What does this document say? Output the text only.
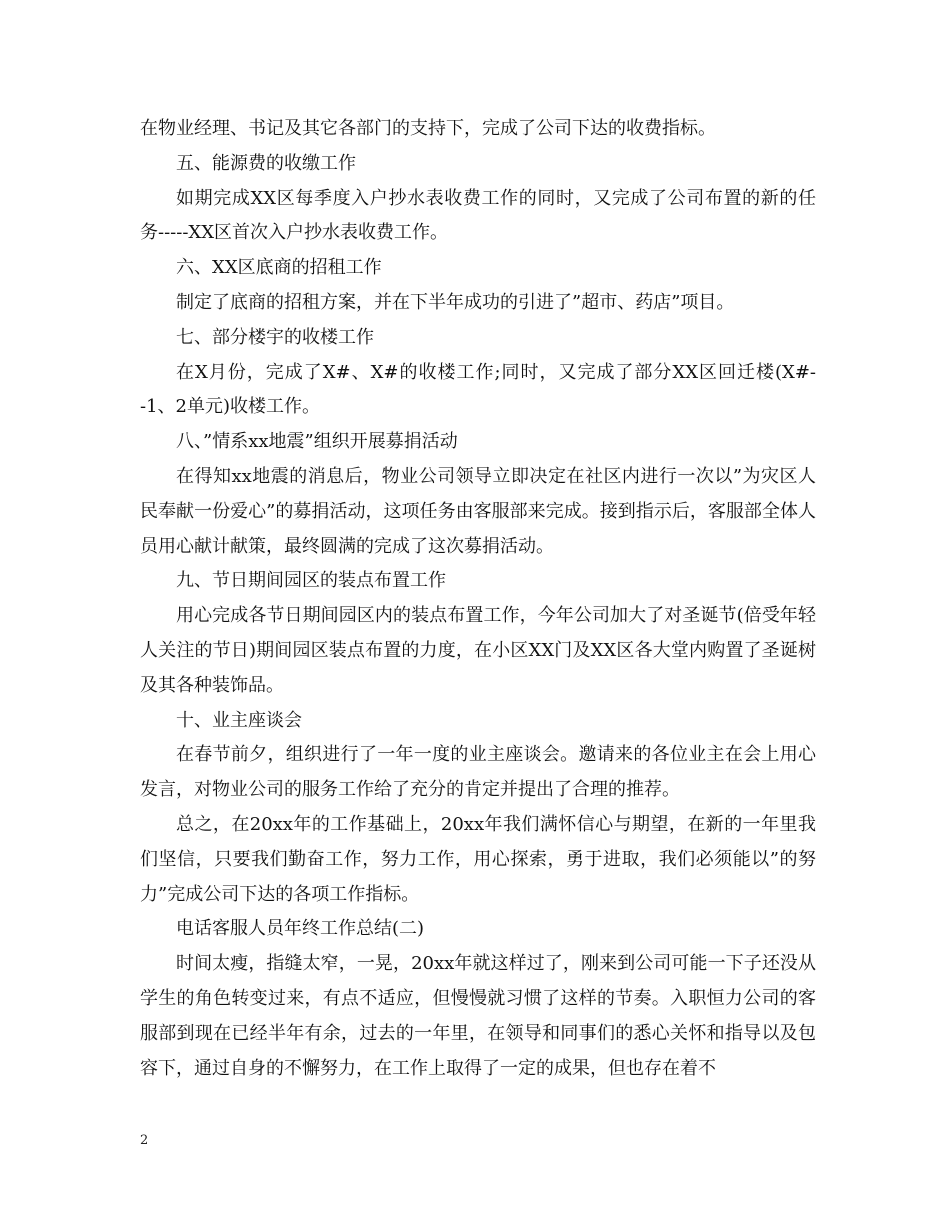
在物业经理、书记及其它各部门的支持下，完成了公司下达的收费指标。

五、能源费的收缴工作

如期完成XX区每季度入户抄水表收费工作的同时，又完成了公司布置的新的任务-----XX区首次入户抄水表收费工作。

六、XX区底商的招租工作

制定了底商的招租方案，并在下半年成功的引进了”超市、药店”项目。

七、部分楼宇的收楼工作

在X月份，完成了X#、X#的收楼工作;同时，又完成了部分XX区回迁楼(X#--1、2单元)收楼工作。

八、”情系xx地震”组织开展募捐活动

在得知xx地震的消息后，物业公司领导立即决定在社区内进行一次以”为灾区人民奉献一份爱心”的募捐活动，这项任务由客服部来完成。接到指示后，客服部全体人员用心献计献策，最终圆满的完成了这次募捐活动。

九、节日期间园区的装点布置工作

用心完成各节日期间园区内的装点布置工作，今年公司加大了对圣诞节(倍受年轻人关注的节日)期间园区装点布置的力度，在小区XX门及XX区各大堂内购置了圣诞树及其各种装饰品。

十、业主座谈会

在春节前夕，组织进行了一年一度的业主座谈会。邀请来的各位业主在会上用心发言，对物业公司的服务工作给了充分的肯定并提出了合理的推荐。

总之，在20xx年的工作基础上，20xx年我们满怀信心与期望，在新的一年里我们坚信，只要我们勤奋工作，努力工作，用心探索，勇于进取，我们必须能以”的努力”完成公司下达的各项工作指标。

电话客服人员年终工作总结(二)

时间太瘦，指缝太窄，一晃，20xx年就这样过了，刚来到公司可能一下子还没从学生的角色转变过来，有点不适应，但慢慢就习惯了这样的节奏。入职恒力公司的客服部到现在已经半年有余，过去的一年里，在领导和同事们的悉心关怀和指导以及包容下，通过自身的不懈努力，在工作上取得了一定的成果，但也存在着不

2
